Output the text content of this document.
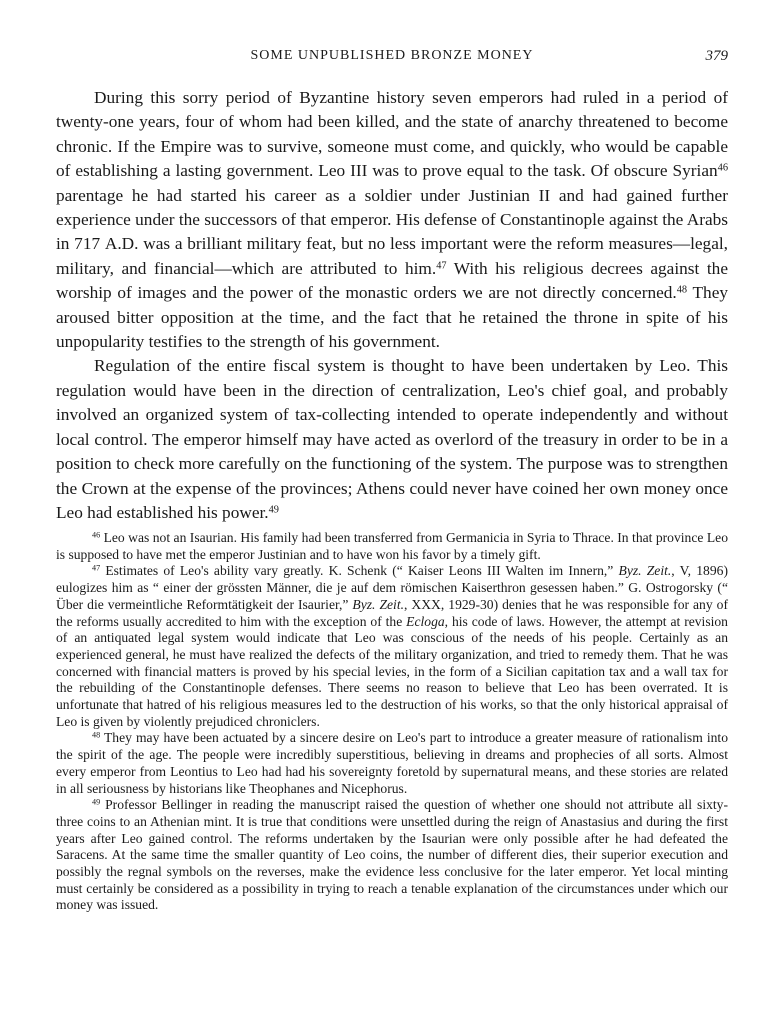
SOME UNPUBLISHED BRONZE MONEY	379

During this sorry period of Byzantine history seven emperors had ruled in a period of twenty-one years, four of whom had been killed, and the state of anarchy threatened to become chronic. If the Empire was to survive, someone must come, and quickly, who would be capable of establishing a lasting government. Leo III was to prove equal to the task. Of obscure Syrian$^{46}$ parentage he had started his career as a soldier under Justinian II and had gained further experience under the successors of that emperor. His defense of Constantinople against the Arabs in 717 A.D. was a brilliant military feat, but no less important were the reform measures—legal, military, and financial—which are attributed to him.$^{47}$ With his religious decrees against the worship of images and the power of the monastic orders we are not directly concerned.$^{48}$ They aroused bitter opposition at the time, and the fact that he retained the throne in spite of his unpopularity testifies to the strength of his government.

Regulation of the entire fiscal system is thought to have been undertaken by Leo. This regulation would have been in the direction of centralization, Leo's chief goal, and probably involved an organized system of tax-collecting intended to operate independently and without local control. The emperor himself may have acted as overlord of the treasury in order to be in a position to check more carefully on the functioning of the system. The purpose was to strengthen the Crown at the expense of the provinces; Athens could never have coined her own money once Leo had established his power.$^{49}$

$^{46}$ Leo was not an Isaurian. His family had been transferred from Germanicia in Syria to Thrace. In that province Leo is supposed to have met the emperor Justinian and to have won his favor by a timely gift.

$^{47}$ Estimates of Leo's ability vary greatly. K. Schenk (“ Kaiser Leons III Walten im Innern,” Byz. Zeit., V, 1896) eulogizes him as “ einer der grössten Männer, die je auf dem römischen Kaiserthron gesessen haben.” G. Ostrogorsky (“ Über die vermeintliche Reformtätigkeit der Isaurier,” Byz. Zeit., XXX, 1929-30) denies that he was responsible for any of the reforms usually accredited to him with the exception of the Ecloga, his code of laws. However, the attempt at revision of an antiquated legal system would indicate that Leo was conscious of the needs of his people. Certainly as an experienced general, he must have realized the defects of the military organization, and tried to remedy them. That he was concerned with financial matters is proved by his special levies, in the form of a Sicilian capitation tax and a wall tax for the rebuilding of the Constantinople defenses. There seems no reason to believe that Leo has been overrated. It is unfortunate that hatred of his religious measures led to the destruction of his works, so that the only historical appraisal of Leo is given by violently prejudiced chroniclers.

$^{48}$ They may have been actuated by a sincere desire on Leo's part to introduce a greater measure of rationalism into the spirit of the age. The people were incredibly superstitious, believing in dreams and prophecies of all sorts. Almost every emperor from Leontius to Leo had had his sovereignty foretold by supernatural means, and these stories are related in all seriousness by historians like Theophanes and Nicephorus.

$^{49}$ Professor Bellinger in reading the manuscript raised the question of whether one should not attribute all sixty-three coins to an Athenian mint. It is true that conditions were unsettled during the reign of Anastasius and during the first years after Leo gained control. The reforms undertaken by the Isaurian were only possible after he had defeated the Saracens. At the same time the smaller quantity of Leo coins, the number of different dies, their superior execution and possibly the regnal symbols on the reverses, make the evidence less conclusive for the later emperor. Yet local minting must certainly be considered as a possibility in trying to reach a tenable explanation of the circumstances under which our money was issued.
